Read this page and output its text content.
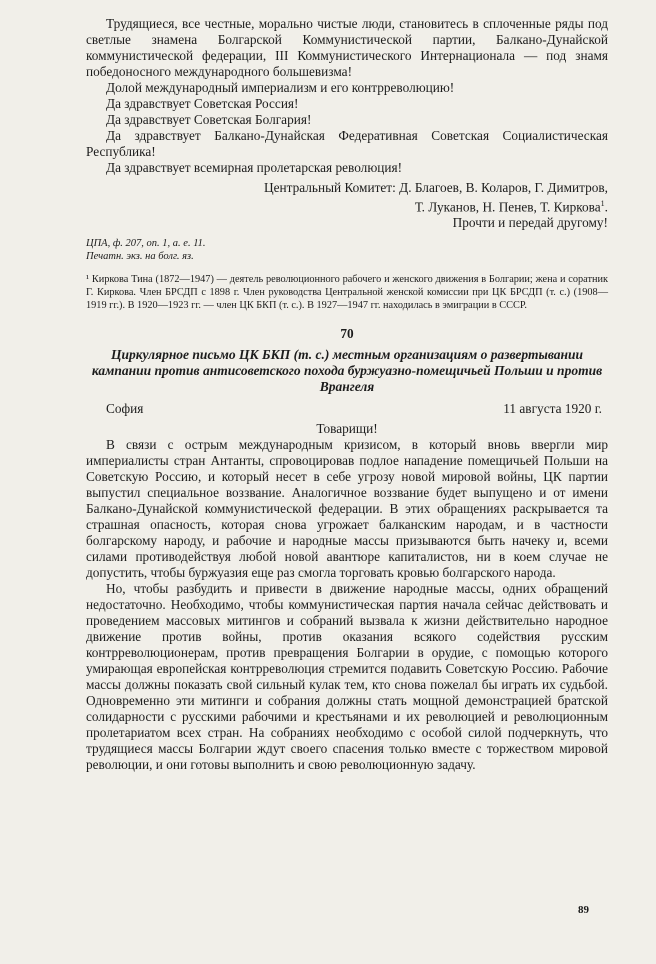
Трудящиеся, все честные, морально чистые люди, становитесь в сплоченные ряды под светлые знамена Болгарской Коммунистической партии, Балкано-Дунайской коммунистической федерации, III Коммунистического Интернационала — под знамя победоносного международного большевизма!

Долой международный империализм и его контрреволюцию!

Да здравствует Советская Россия!

Да здравствует Советская Болгария!

Да здравствует Балкано-Дунайская Федеративная Советская Социалистическая Республика!

Да здравствует всемирная пролетарская революция!

Центральный Комитет: Д. Благоев, В. Коларов, Г. Димитров,
Т. Луканов, Н. Пенев, Т. Киркова$^1$.
Прочти и передай другому!
ЦПА, ф. 207, оп. 1, а. е. 11.
Печатн. экз. на болг. яз.

¹ Киркова Тина (1872—1947) — деятель революционного рабочего и женского движения в Болгарии; жена и соратник Г. Киркова. Член БРСДП с 1898 г. Член руководства Центральной женской комиссии при ЦК БРСДП (т. с.) (1908—1919 гг.). В 1920—1923 гг. — член ЦК БКП (т. с.). В 1927—1947 гг. находилась в эмиграции в СССР.

70
Циркулярное письмо ЦК БКП (т. с.) местным организациям о развертывании кампании против антисоветского похода буржуазно-помещичьей Польши и против Врангеля
София	11 августа 1920 г.
Товарищи!

В связи с острым международным кризисом, в который вновь ввергли мир империалисты стран Антанты, спровоцировав подлое нападение помещичьей Польши на Советскую Россию, и который несет в себе угрозу новой мировой войны, ЦК партии выпустил специальное воззвание. Аналогичное воззвание будет выпущено и от имени Балкано-Дунайской коммунистической федерации. В этих обращениях раскрывается та страшная опасность, которая снова угрожает балканским народам, и в частности болгарскому народу, и рабочие и народные массы призываются быть начеку и, всеми силами противодействуя любой новой авантюре капиталистов, ни в коем случае не допустить, чтобы буржуазия еще раз смогла торговать кровью болгарского народа.

Но, чтобы разбудить и привести в движение народные массы, одних обращений недостаточно. Необходимо, чтобы коммунистическая партия начала сейчас действовать и проведением массовых митингов и собраний вызвала к жизни действительно народное движение против войны, против оказания всякого содействия русским контрреволюционерам, против превращения Болгарии в орудие, с помощью которого умирающая европейская контрреволюция стремится подавить Советскую Россию. Рабочие массы должны показать свой сильный кулак тем, кто снова пожелал бы играть их судьбой. Одновременно эти митинги и собрания должны стать мощной демонстрацией братской солидарности с русскими рабочими и крестьянами и их революцией и революционным пролетариатом всех стран. На собраниях необходимо с особой силой подчеркнуть, что трудящиеся массы Болгарии ждут своего спасения только вместе с торжеством мировой революции, и они готовы выполнить и свою революционную задачу.

89
